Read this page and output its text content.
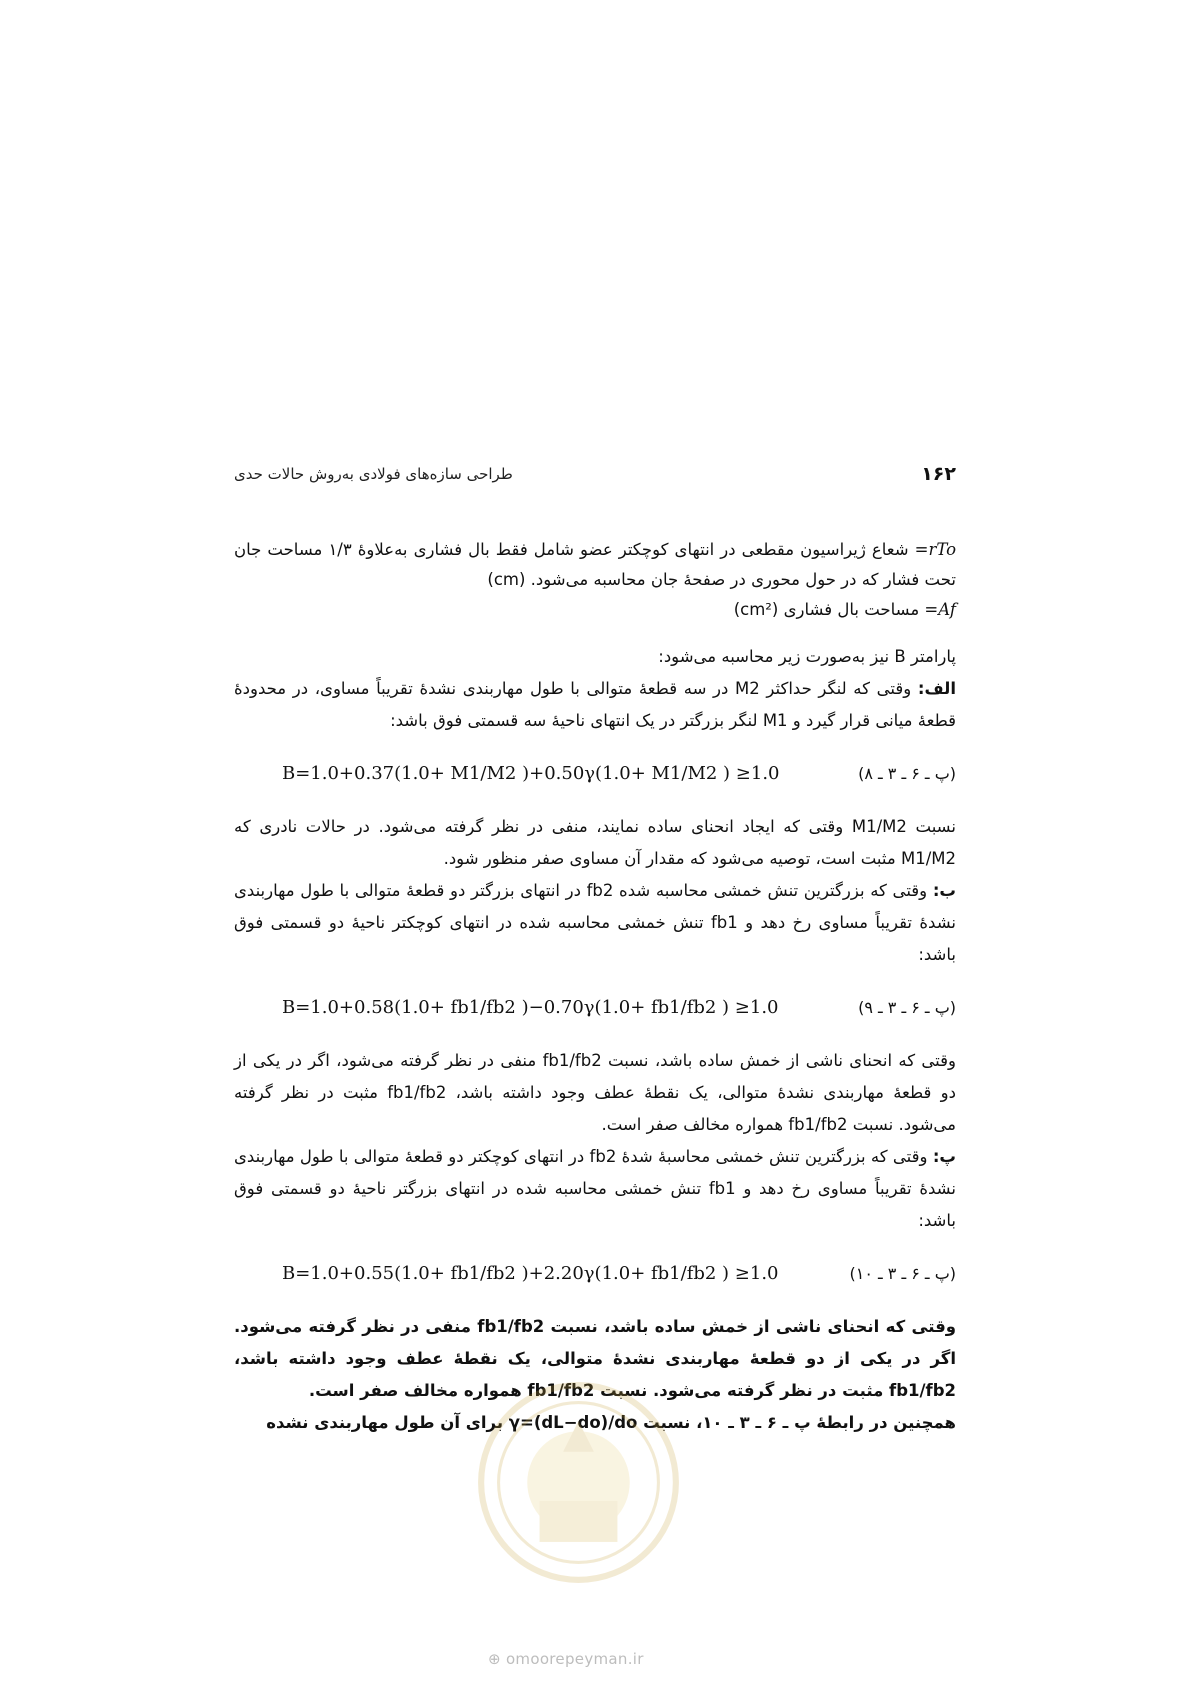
۱۶۲
طراحی سازه‌های فولادی به‌روش حالات حدی

rTo= شعاع ژیراسیون مقطعی در انتهای کوچکتر عضو شامل فقط بال فشاری به‌علاوهٔ ۱/۳ مساحت جان تحت فشار که در حول محوری در صفحهٔ جان محاسبه می‌شود. (cm)

Af= مساحت بال فشاری (cm²)

پارامتر B نیز به‌صورت زیر محاسبه می‌شود:

الف: وقتی که لنگر حداکثر M2 در سه قطعهٔ متوالی با طول مهاربندی نشدهٔ تقریباً مساوی، در محدودهٔ قطعهٔ میانی قرار گیرد و M1 لنگر بزرگتر در یک انتهای ناحیهٔ سه قسمتی فوق باشد:

B=1.0+0.37(1.0+ M1/M2 )+0.50γ(1.0+ M1/M2 ) ≥1.0	(پ ـ ۶ ـ ۳ ـ ۸)

نسبت M1/M2 وقتی که ایجاد انحنای ساده نمایند، منفی در نظر گرفته می‌شود. در حالات نادری که M1/M2 مثبت است، توصیه می‌شود که مقدار آن مساوی صفر منظور شود.

ب: وقتی که بزرگترین تنش خمشی محاسبه شده fb2 در انتهای بزرگتر دو قطعهٔ متوالی با طول مهاربندی نشدهٔ تقریباً مساوی رخ دهد و fb1 تنش خمشی محاسبه شده در انتهای کوچکتر ناحیهٔ دو قسمتی فوق باشد:

B=1.0+0.58(1.0+ fb1/fb2 )−0.70γ(1.0+ fb1/fb2 ) ≥1.0	(پ ـ ۶ ـ ۳ ـ ۹)

وقتی که انحنای ناشی از خمش ساده باشد، نسبت fb1/fb2 منفی در نظر گرفته می‌شود، اگر در یکی از دو قطعهٔ مهاربندی نشدهٔ متوالی، یک نقطهٔ عطف وجود داشته باشد، fb1/fb2 مثبت در نظر گرفته می‌شود. نسبت fb1/fb2 همواره مخالف صفر است.

پ: وقتی که بزرگترین تنش خمشی محاسبهٔ شدهٔ fb2 در انتهای کوچکتر دو قطعهٔ متوالی با طول مهاربندی نشدهٔ تقریباً مساوی رخ دهد و fb1 تنش خمشی محاسبه شده در انتهای بزرگتر ناحیهٔ دو قسمتی فوق باشد:

B=1.0+0.55(1.0+ fb1/fb2 )+2.20γ(1.0+ fb1/fb2 ) ≥1.0	(پ ـ ۶ ـ ۳ ـ ۱۰)

وقتی که انحنای ناشی از خمش ساده باشد، نسبت fb1/fb2 منفی در نظر گرفته می‌شود. اگر در یکی از دو قطعهٔ مهاربندی نشدهٔ متوالی، یک نقطهٔ عطف وجود داشته باشد، fb1/fb2 مثبت در نظر گرفته می‌شود. نسبت fb1/fb2 همواره مخالف صفر است.

همچنین در رابطهٔ پ ـ ۶ ـ ۳ ـ ۱۰، نسبت γ=(dL−do)/do برای آن طول مهاربندی نشده

⊕ omoorepeyman.ir
